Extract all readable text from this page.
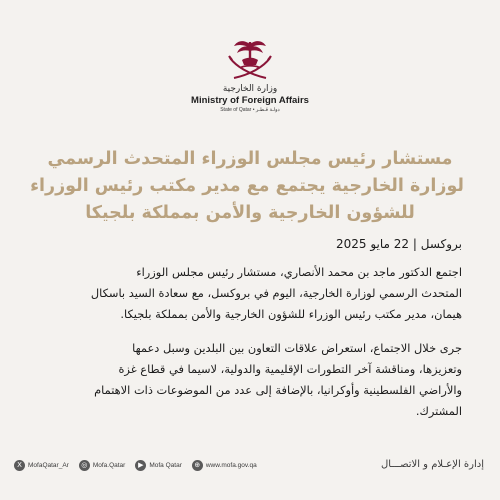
وزارة الخارجية
Ministry of Foreign Affairs
State of Qatar • دولـة قـطـر
مستشار رئيس مجلس الوزراء المتحدث الرسمي
لوزارة الخارجية يجتمع مع مدير مكتب رئيس الوزراء
للشؤون الخارجية والأمن بمملكة بلجيكا
بروكسل | 22 مايو 2025
اجتمع الدكتور ماجد بن محمد الأنصاري، مستشار رئيس مجلس الوزراء
المتحدث الرسمي لوزارة الخارجية، اليوم في بروكسل، مع سعادة السيد باسكال
هيمان، مدير مكتب رئيس الوزراء للشؤون الخارجية والأمن بمملكة بلجيكا.
جرى خلال الاجتماع، استعراض علاقات التعاون بين البلدين وسبل دعمها
وتعزيزها، ومناقشة آخر التطورات الإقليمية والدولية، لاسيما في قطاع غزة
والأراضي الفلسطينية وأوكرانيا، بالإضافة إلى عدد من الموضوعات ذات الاهتمام
المشترك.
X MofaQatar_Ar	◎ Mofa.Qatar	▶ Mofa Qatar	⊕ www.mofa.gov.qa	إدارة الإعـلام و الاتصـــال
